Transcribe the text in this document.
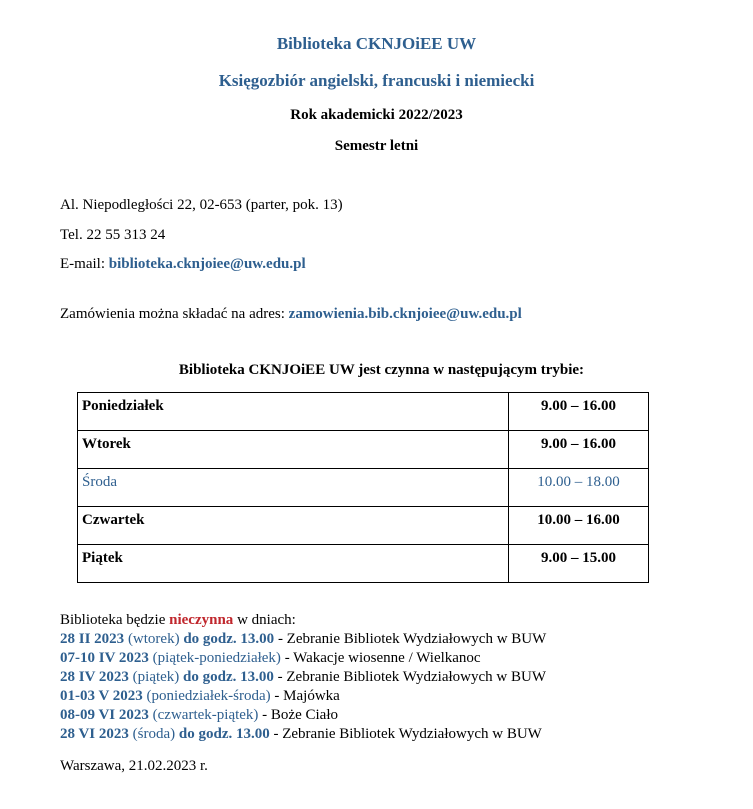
Biblioteka CKNJOiEE UW

Księgozbiór angielski, francuski i niemiecki

Rok akademicki 2022/2023

Semestr letni

Al. Niepodległości 22, 02-653 (parter, pok. 13)

Tel. 22 55 313 24

E-mail: biblioteka.cknjoiee@uw.edu.pl

Zamówienia można składać na adres: zamowienia.bib.cknjoiee@uw.edu.pl

Biblioteka CKNJOiEE UW jest czynna w następującym trybie:

Poniedziałek	9.00 – 16.00
Wtorek	9.00 – 16.00
Środa	10.00 – 18.00
Czwartek	10.00 – 16.00
Piątek	9.00 – 15.00

Biblioteka będzie nieczynna w dniach:

28 II 2023 (wtorek) do godz. 13.00 - Zebranie Bibliotek Wydziałowych w BUW

07-10 IV 2023 (piątek-poniedziałek) - Wakacje wiosenne / Wielkanoc

28 IV 2023 (piątek) do godz. 13.00 - Zebranie Bibliotek Wydziałowych w BUW

01-03 V 2023 (poniedziałek-środa) - Majówka

08-09 VI 2023 (czwartek-piątek) - Boże Ciało

28 VI 2023 (środa) do godz. 13.00 - Zebranie Bibliotek Wydziałowych w BUW

Warszawa, 21.02.2023 r.
